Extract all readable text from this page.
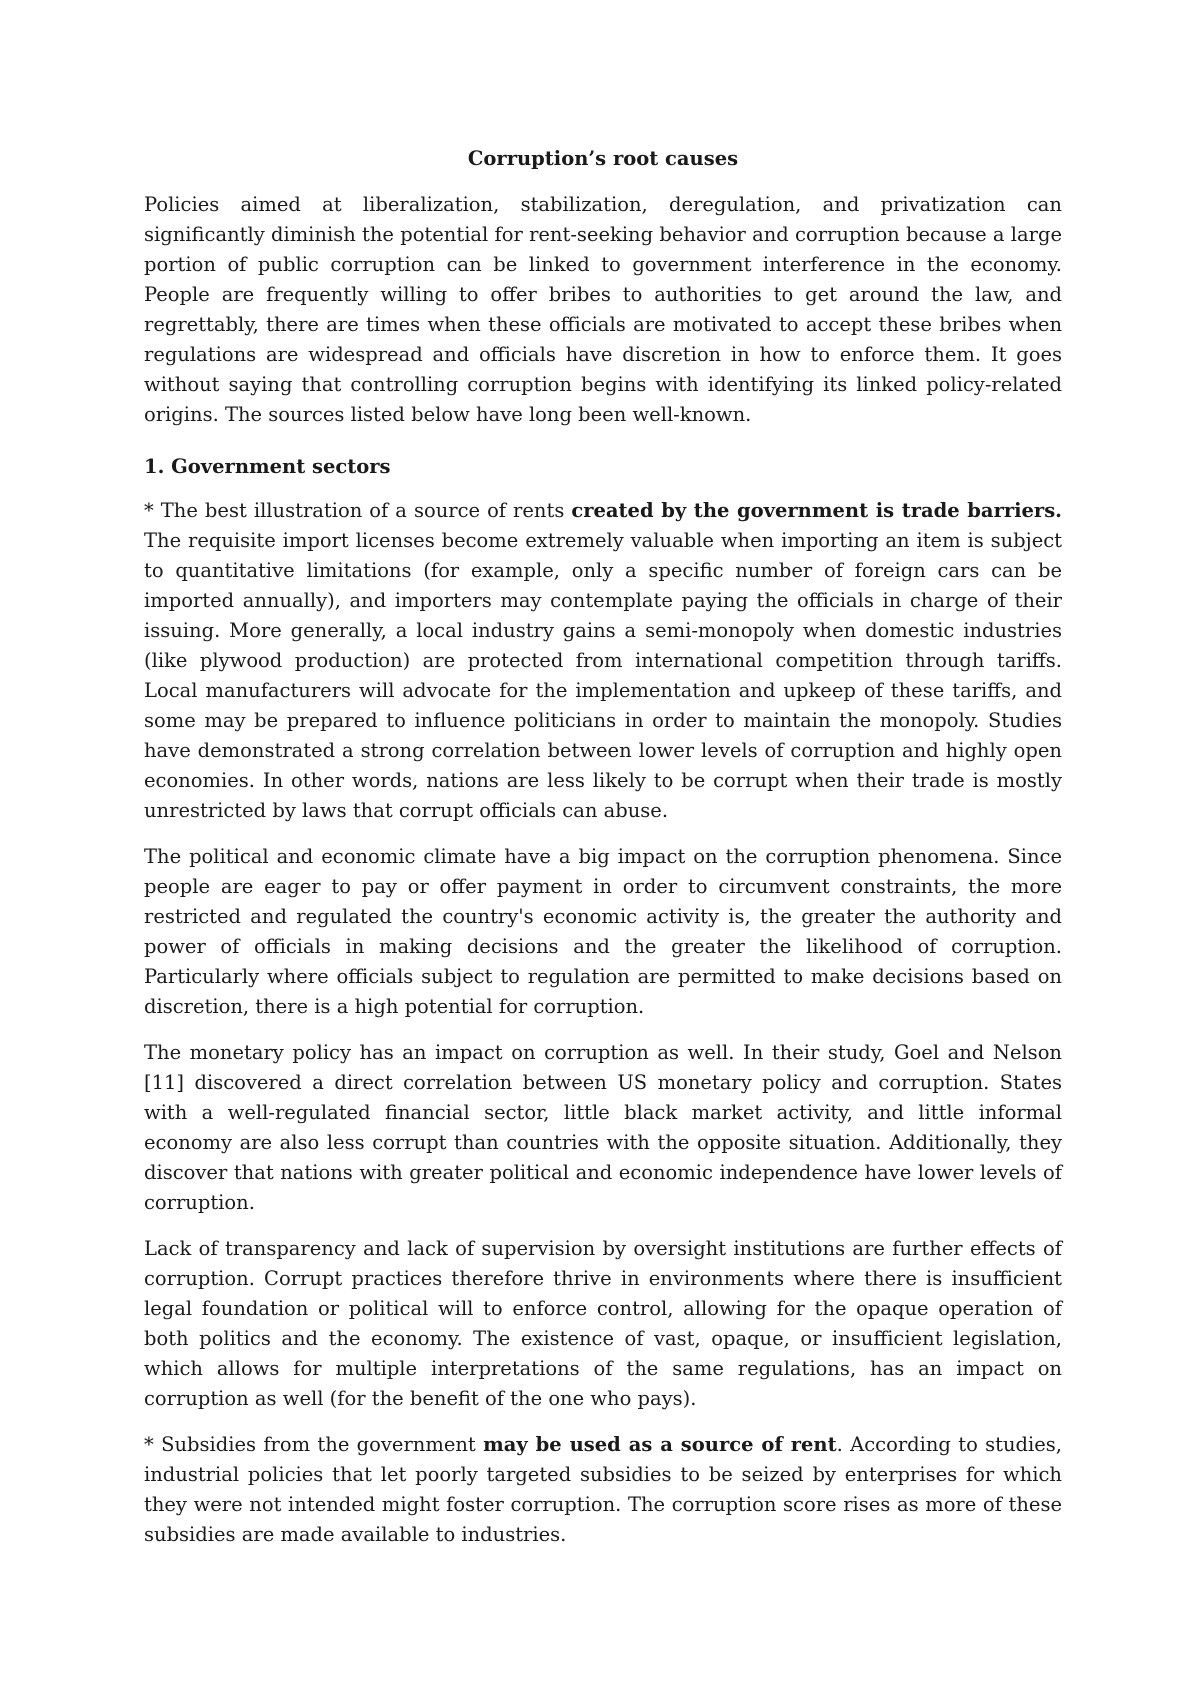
Corruption’s root causes

Policies aimed at liberalization, stabilization, deregulation, and privatization can significantly diminish the potential for rent-seeking behavior and corruption because a large portion of public corruption can be linked to government interference in the economy. People are frequently willing to offer bribes to authorities to get around the law, and regrettably, there are times when these officials are motivated to accept these bribes when regulations are widespread and officials have discretion in how to enforce them. It goes without saying that controlling corruption begins with identifying its linked policy-related origins. The sources listed below have long been well-known.

1. Government sectors

* The best illustration of a source of rents created by the government is trade barriers. The requisite import licenses become extremely valuable when importing an item is subject to quantitative limitations (for example, only a specific number of foreign cars can be imported annually), and importers may contemplate paying the officials in charge of their issuing. More generally, a local industry gains a semi-monopoly when domestic industries (like plywood production) are protected from international competition through tariffs. Local manufacturers will advocate for the implementation and upkeep of these tariffs, and some may be prepared to influence politicians in order to maintain the monopoly. Studies have demonstrated a strong correlation between lower levels of corruption and highly open economies. In other words, nations are less likely to be corrupt when their trade is mostly unrestricted by laws that corrupt officials can abuse.

The political and economic climate have a big impact on the corruption phenomena. Since people are eager to pay or offer payment in order to circumvent constraints, the more restricted and regulated the country's economic activity is, the greater the authority and power of officials in making decisions and the greater the likelihood of corruption. Particularly where officials subject to regulation are permitted to make decisions based on discretion, there is a high potential for corruption.

The monetary policy has an impact on corruption as well. In their study, Goel and Nelson [11] discovered a direct correlation between US monetary policy and corruption. States with a well-regulated financial sector, little black market activity, and little informal economy are also less corrupt than countries with the opposite situation. Additionally, they discover that nations with greater political and economic independence have lower levels of corruption.

Lack of transparency and lack of supervision by oversight institutions are further effects of corruption. Corrupt practices therefore thrive in environments where there is insufficient legal foundation or political will to enforce control, allowing for the opaque operation of both politics and the economy. The existence of vast, opaque, or insufficient legislation, which allows for multiple interpretations of the same regulations, has an impact on corruption as well (for the benefit of the one who pays).

* Subsidies from the government may be used as a source of rent. According to studies, industrial policies that let poorly targeted subsidies to be seized by enterprises for which they were not intended might foster corruption. The corruption score rises as more of these subsidies are made available to industries.
